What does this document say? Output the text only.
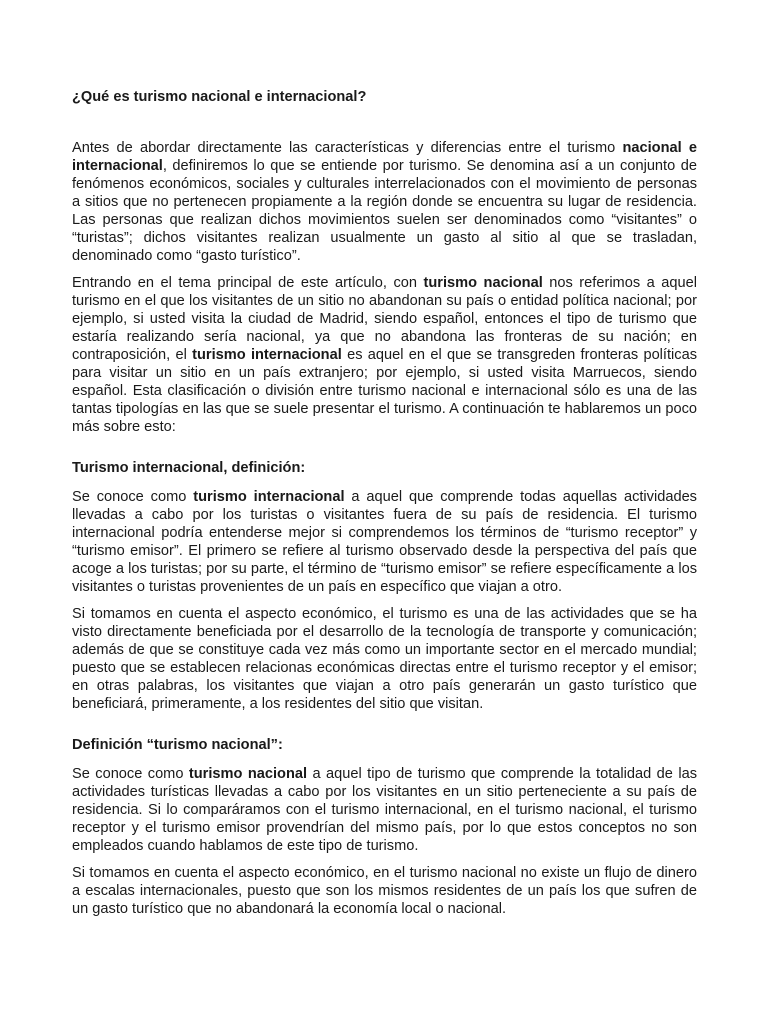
¿Qué es turismo nacional e internacional?

Antes de abordar directamente las características y diferencias entre el turismo nacional e internacional, definiremos lo que se entiende por turismo. Se denomina así a un conjunto de fenómenos económicos, sociales y culturales interrelacionados con el movimiento de personas a sitios que no pertenecen propiamente a la región donde se encuentra su lugar de residencia. Las personas que realizan dichos movimientos suelen ser denominados como “visitantes” o “turistas”; dichos visitantes realizan usualmente un gasto al sitio al que se trasladan, denominado como “gasto turístico”.

Entrando en el tema principal de este artículo, con turismo nacional nos referimos a aquel turismo en el que los visitantes de un sitio no abandonan su país o entidad política nacional; por ejemplo, si usted visita la ciudad de Madrid, siendo español, entonces el tipo de turismo que estaría realizando sería nacional, ya que no abandona las fronteras de su nación; en contraposición, el turismo internacional es aquel en el que se transgreden fronteras políticas para visitar un sitio en un país extranjero; por ejemplo, si usted visita Marruecos, siendo español. Esta clasificación o división entre turismo nacional e internacional sólo es una de las tantas tipologías en las que se suele presentar el turismo. A continuación te hablaremos un poco más sobre esto:

Turismo internacional, definición:

Se conoce como turismo internacional a aquel que comprende todas aquellas actividades llevadas a cabo por los turistas o visitantes fuera de su país de residencia. El turismo internacional podría entenderse mejor si comprendemos los términos de “turismo receptor” y “turismo emisor”. El primero se refiere al turismo observado desde la perspectiva del país que acoge a los turistas; por su parte, el término de “turismo emisor” se refiere específicamente a los visitantes o turistas provenientes de un país en específico que viajan a otro.

Si tomamos en cuenta el aspecto económico, el turismo es una de las actividades que se ha visto directamente beneficiada por el desarrollo de la tecnología de transporte y comunicación; además de que se constituye cada vez más como un importante sector en el mercado mundial; puesto que se establecen relacionas económicas directas entre el turismo receptor y el emisor; en otras palabras, los visitantes que viajan a otro país generarán un gasto turístico que beneficiará, primeramente, a los residentes del sitio que visitan.

Definición “turismo nacional”:

Se conoce como turismo nacional a aquel tipo de turismo que comprende la totalidad de las actividades turísticas llevadas a cabo por los visitantes en un sitio perteneciente a su país de residencia. Si lo comparáramos con el turismo internacional, en el turismo nacional, el turismo receptor y el turismo emisor provendrían del mismo país, por lo que estos conceptos no son empleados cuando hablamos de este tipo de turismo.

Si tomamos en cuenta el aspecto económico, en el turismo nacional no existe un flujo de dinero a escalas internacionales, puesto que son los mismos residentes de un país los que sufren de un gasto turístico que no abandonará la economía local o nacional.
